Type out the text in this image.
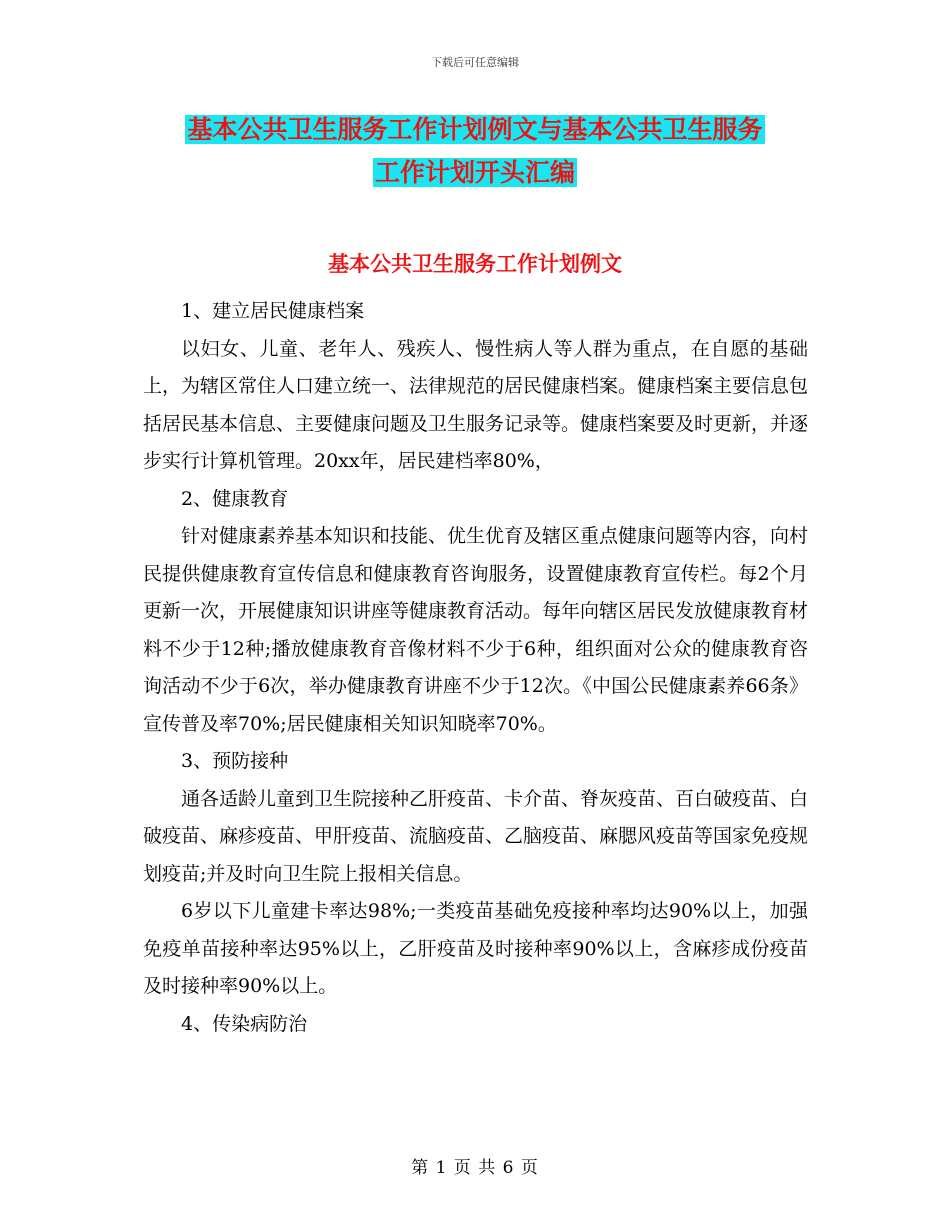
下载后可任意编辑
基本公共卫生服务工作计划例文与基本公共卫生服务
工作计划开头汇编
基本公共卫生服务工作计划例文

1、建立居民健康档案

以妇女、儿童、老年人、残疾人、慢性病人等人群为重点，在自愿的基础上，为辖区常住人口建立统一、法律规范的居民健康档案。健康档案主要信息包括居民基本信息、主要健康问题及卫生服务记录等。健康档案要及时更新，并逐步实行计算机管理。20xx年，居民建档率80%，

2、健康教育

针对健康素养基本知识和技能、优生优育及辖区重点健康问题等内容，向村民提供健康教育宣传信息和健康教育咨询服务，设置健康教育宣传栏。每2个月更新一次，开展健康知识讲座等健康教育活动。每年向辖区居民发放健康教育材料不少于12种;播放健康教育音像材料不少于6种，组织面对公众的健康教育咨询活动不少于6次，举办健康教育讲座不少于12次。《中国公民健康素养66条》宣传普及率70%;居民健康相关知识知晓率70%。

3、预防接种

通各适龄儿童到卫生院接种乙肝疫苗、卡介苗、脊灰疫苗、百白破疫苗、白破疫苗、麻疹疫苗、甲肝疫苗、流脑疫苗、乙脑疫苗、麻腮风疫苗等国家免疫规划疫苗;并及时向卫生院上报相关信息。

6岁以下儿童建卡率达98%;一类疫苗基础免疫接种率均达90%以上，加强免疫单苗接种率达95%以上，乙肝疫苗及时接种率90%以上，含麻疹成份疫苗及时接种率90%以上。

4、传染病防治

第 1 页 共 6 页
